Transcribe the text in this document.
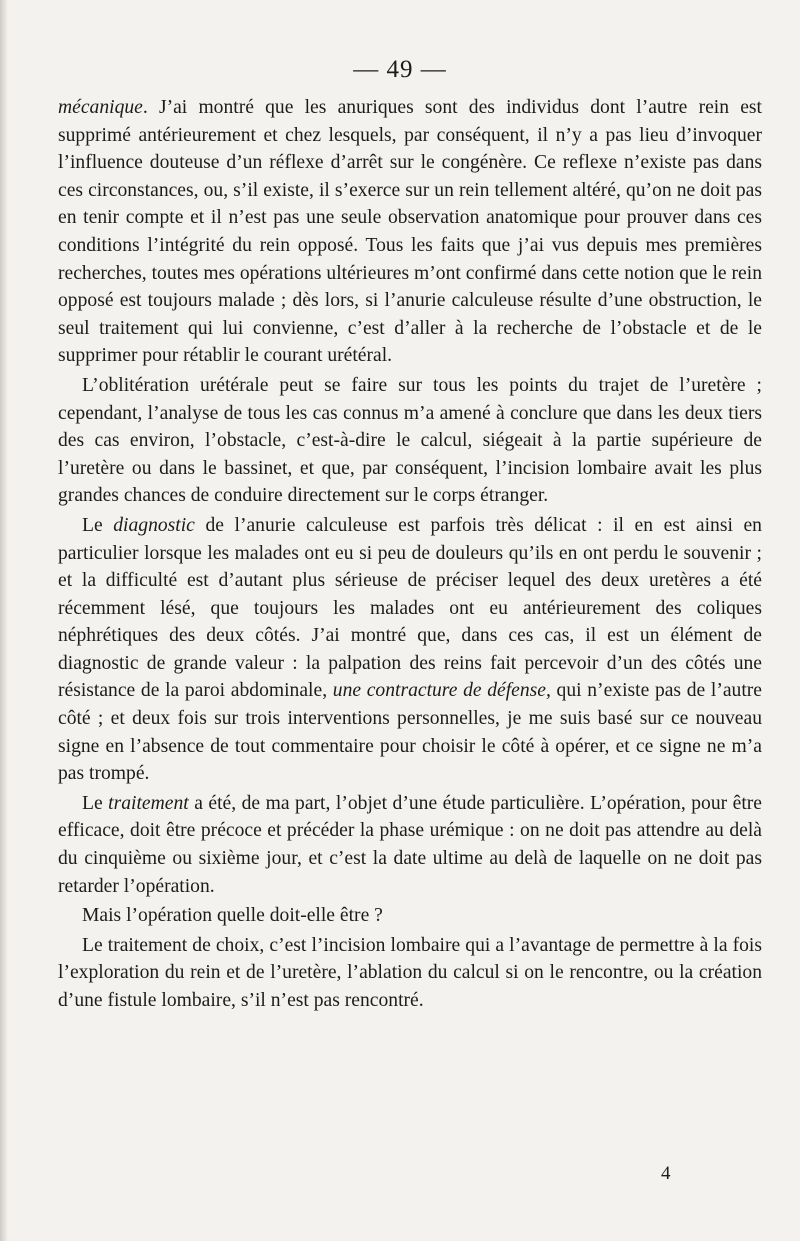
— 49 —

mécanique. J’ai montré que les anuriques sont des individus dont l’autre rein est supprimé antérieurement et chez lesquels, par conséquent, il n’y a pas lieu d’invoquer l’influence douteuse d’un réflexe d’arrêt sur le congénère. Ce reflexe n’existe pas dans ces circonstances, ou, s’il existe, il s’exerce sur un rein tellement altéré, qu’on ne doit pas en tenir compte et il n’est pas une seule observation anatomique pour prouver dans ces conditions l’intégrité du rein opposé. Tous les faits que j’ai vus depuis mes premières recherches, toutes mes opérations ultérieures m’ont confirmé dans cette notion que le rein opposé est toujours malade ; dès lors, si l’anurie calculeuse résulte d’une obstruction, le seul traitement qui lui convienne, c’est d’aller à la recherche de l’obstacle et de le supprimer pour rétablir le courant urétéral.

L’oblitération urétérale peut se faire sur tous les points du trajet de l’uretère ; cependant, l’analyse de tous les cas connus m’a amené à conclure que dans les deux tiers des cas environ, l’obstacle, c’est-à-dire le calcul, siégeait à la partie supérieure de l’uretère ou dans le bassinet, et que, par conséquent, l’incision lombaire avait les plus grandes chances de conduire directement sur le corps étranger.

Le diagnostic de l’anurie calculeuse est parfois très délicat : il en est ainsi en particulier lorsque les malades ont eu si peu de douleurs qu’ils en ont perdu le souvenir ; et la difficulté est d’autant plus sérieuse de préciser lequel des deux uretères a été récemment lésé, que toujours les malades ont eu antérieurement des coliques néphrétiques des deux côtés. J’ai montré que, dans ces cas, il est un élément de diagnostic de grande valeur : la palpation des reins fait percevoir d’un des côtés une résistance de la paroi abdominale, une contracture de défense, qui n’existe pas de l’autre côté ; et deux fois sur trois interventions personnelles, je me suis basé sur ce nouveau signe en l’absence de tout commentaire pour choisir le côté à opérer, et ce signe ne m’a pas trompé.

Le traitement a été, de ma part, l’objet d’une étude particulière. L’opération, pour être efficace, doit être précoce et précéder la phase urémique : on ne doit pas attendre au delà du cinquième ou sixième jour, et c’est la date ultime au delà de laquelle on ne doit pas retarder l’opération.

Mais l’opération quelle doit-elle être ?

Le traitement de choix, c’est l’incision lombaire qui a l’avantage de permettre à la fois l’exploration du rein et de l’uretère, l’ablation du calcul si on le rencontre, ou la création d’une fistule lombaire, s’il n’est pas rencontré.

4
